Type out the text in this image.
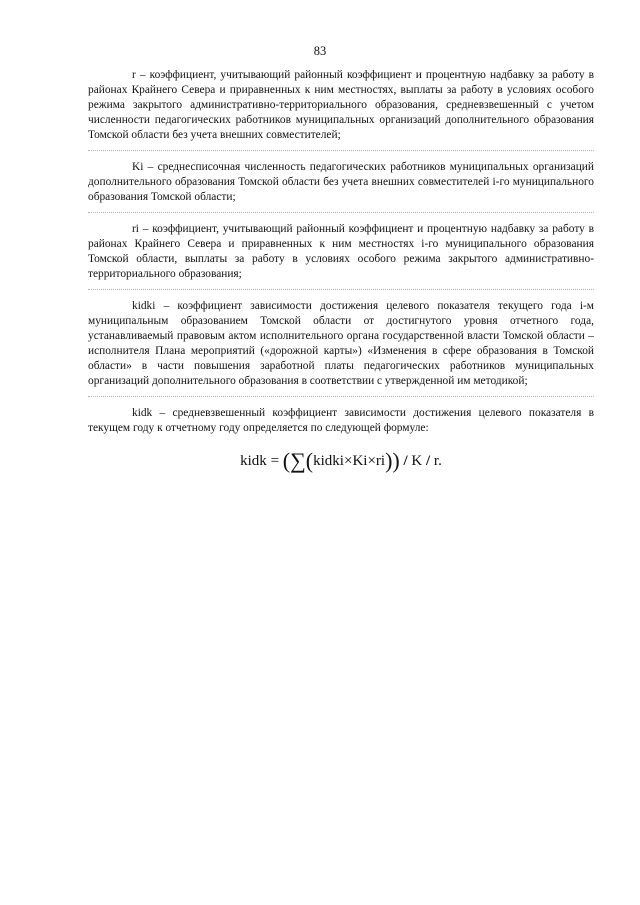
83

r – коэффициент, учитывающий районный коэффициент и процентную надбавку за работу в районах Крайнего Севера и приравненных к ним местностях, выплаты за работу в условиях особого режима закрытого административно-территориального образования, средневзвешенный с учетом численности педагогических работников муниципальных организаций дополнительного образования Томской области без учета внешних совместителей;

Ki – среднесписочная численность педагогических работников муниципальных организаций дополнительного образования Томской области без учета внешних совместителей i-го муниципального образования Томской области;

ri – коэффициент, учитывающий районный коэффициент и процентную надбавку за работу в районах Крайнего Севера и приравненных к ним местностях i-го муниципального образования Томской области, выплаты за работу в условиях особого режима закрытого административно-территориального образования;

kidki – коэффициент зависимости достижения целевого показателя текущего года i-м муниципальным образованием Томской области от достигнутого уровня отчетного года, устанавливаемый правовым актом исполнительного органа государственной власти Томской области – исполнителя Плана мероприятий («дорожной карты») «Изменения в сфере образования в Томской области» в части повышения заработной платы педагогических работников муниципальных организаций дополнительного образования в соответствии с утвержденной им методикой;

kidk – средневзвешенный коэффициент зависимости достижения целевого показателя в текущем году к отчетному году определяется по следующей формуле:

kidk = (∑(kidki×Ki×ri)) / K / r.
